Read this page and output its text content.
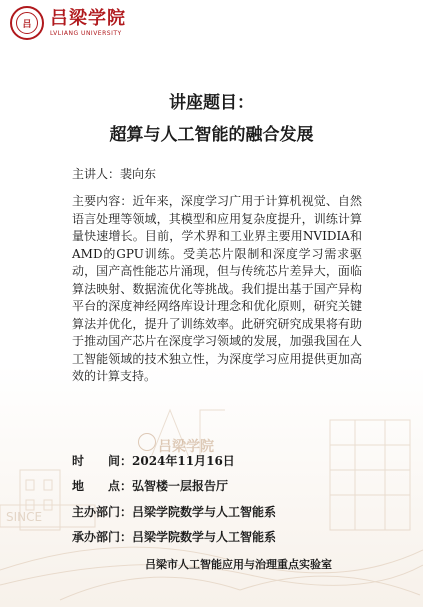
SINCE
吕梁学院
吕	吕梁学院
LVLIANG UNIVERSITY
讲座题目：
超算与人工智能的融合发展
主讲人：裴向东
主要内容：近年来，深度学习广用于计算机视觉、自然语言处理等领域，其模型和应用复杂度提升，训练计算量快速增长。目前，学术界和工业界主要用NVIDIA和AMD的GPU训练。受美芯片限制和深度学习需求驱动，国产高性能芯片涌现，但与传统芯片差异大，面临算法映射、数据流优化等挑战。我们提出基于国产异构平台的深度神经网络库设计理念和优化原则，研究关键算法并优化，提升了训练效率。此研究研究成果将有助于推动国产芯片在深度学习领域的发展，加强我国在人工智能领域的技术独立性，为深度学习应用提供更加高效的计算支持。
时　　间：2024年11月16日
地　　点：弘智楼一层报告厅
主办部门：吕梁学院数学与人工智能系
承办部门：吕梁学院数学与人工智能系
吕梁市人工智能应用与治理重点实验室
